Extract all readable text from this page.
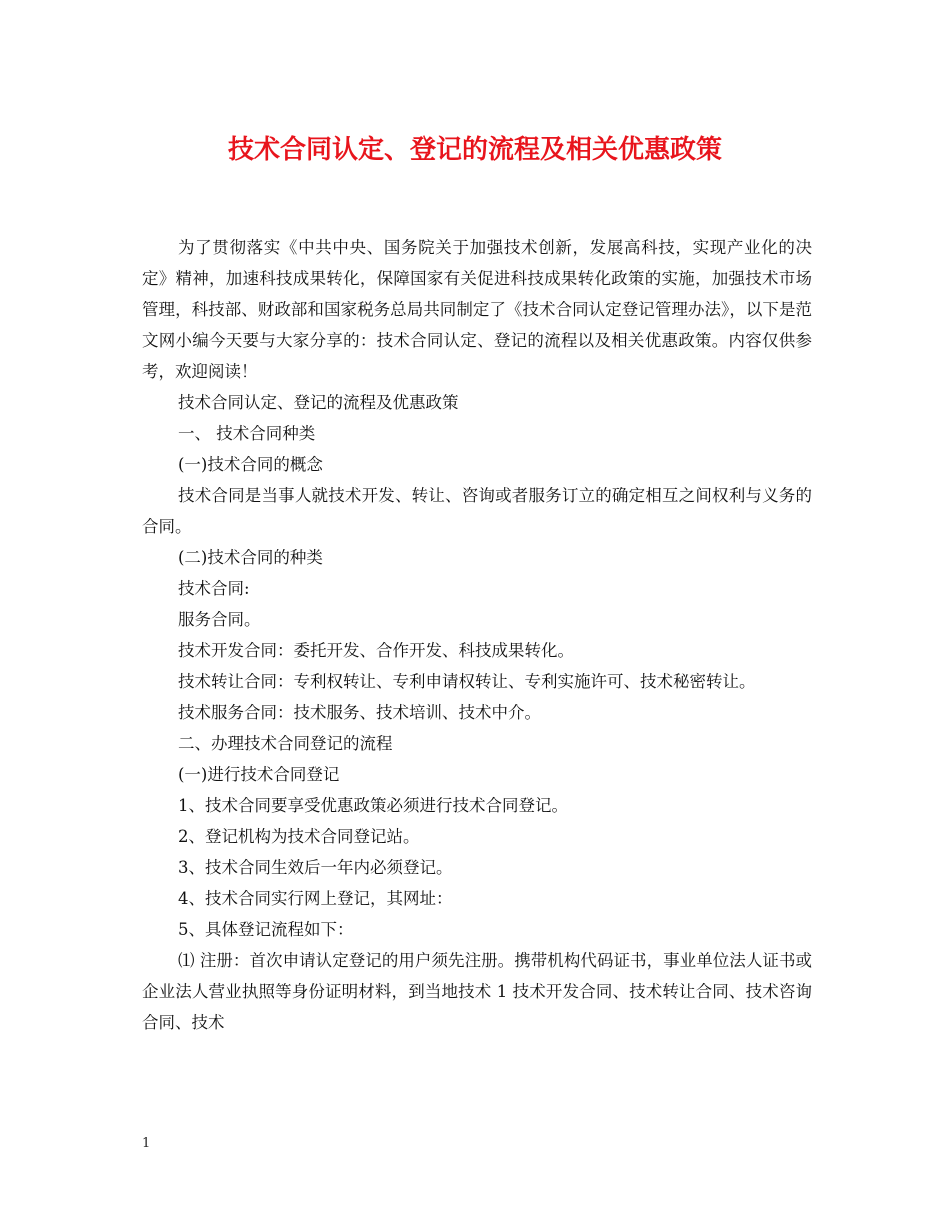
技术合同认定、登记的流程及相关优惠政策

为了贯彻落实《中共中央、国务院关于加强技术创新，发展高科技，实现产业化的决定》精神，加速科技成果转化，保障国家有关促进科技成果转化政策的实施，加强技术市场管理，科技部、财政部和国家税务总局共同制定了《技术合同认定登记管理办法》，以下是范文网小编今天要与大家分享的：技术合同认定、登记的流程以及相关优惠政策。内容仅供参考，欢迎阅读！

技术合同认定、登记的流程及优惠政策

一、 技术合同种类

(一)技术合同的概念

技术合同是当事人就技术开发、转让、咨询或者服务订立的确定相互之间权利与义务的合同。

(二)技术合同的种类

技术合同:

服务合同。

技术开发合同：委托开发、合作开发、科技成果转化。

技术转让合同：专利权转让、专利申请权转让、专利实施许可、技术秘密转让。

技术服务合同：技术服务、技术培训、技术中介。

二、办理技术合同登记的流程

(一)进行技术合同登记

1、技术合同要享受优惠政策必须进行技术合同登记。

2、登记机构为技术合同登记站。

3、技术合同生效后一年内必须登记。

4、技术合同实行网上登记，其网址：

5、具体登记流程如下：

⑴ 注册：首次申请认定登记的用户须先注册。携带机构代码证书，事业单位法人证书或企业法人营业执照等身份证明材料，到当地技术 1 技术开发合同、技术转让合同、技术咨询合同、技术

1
